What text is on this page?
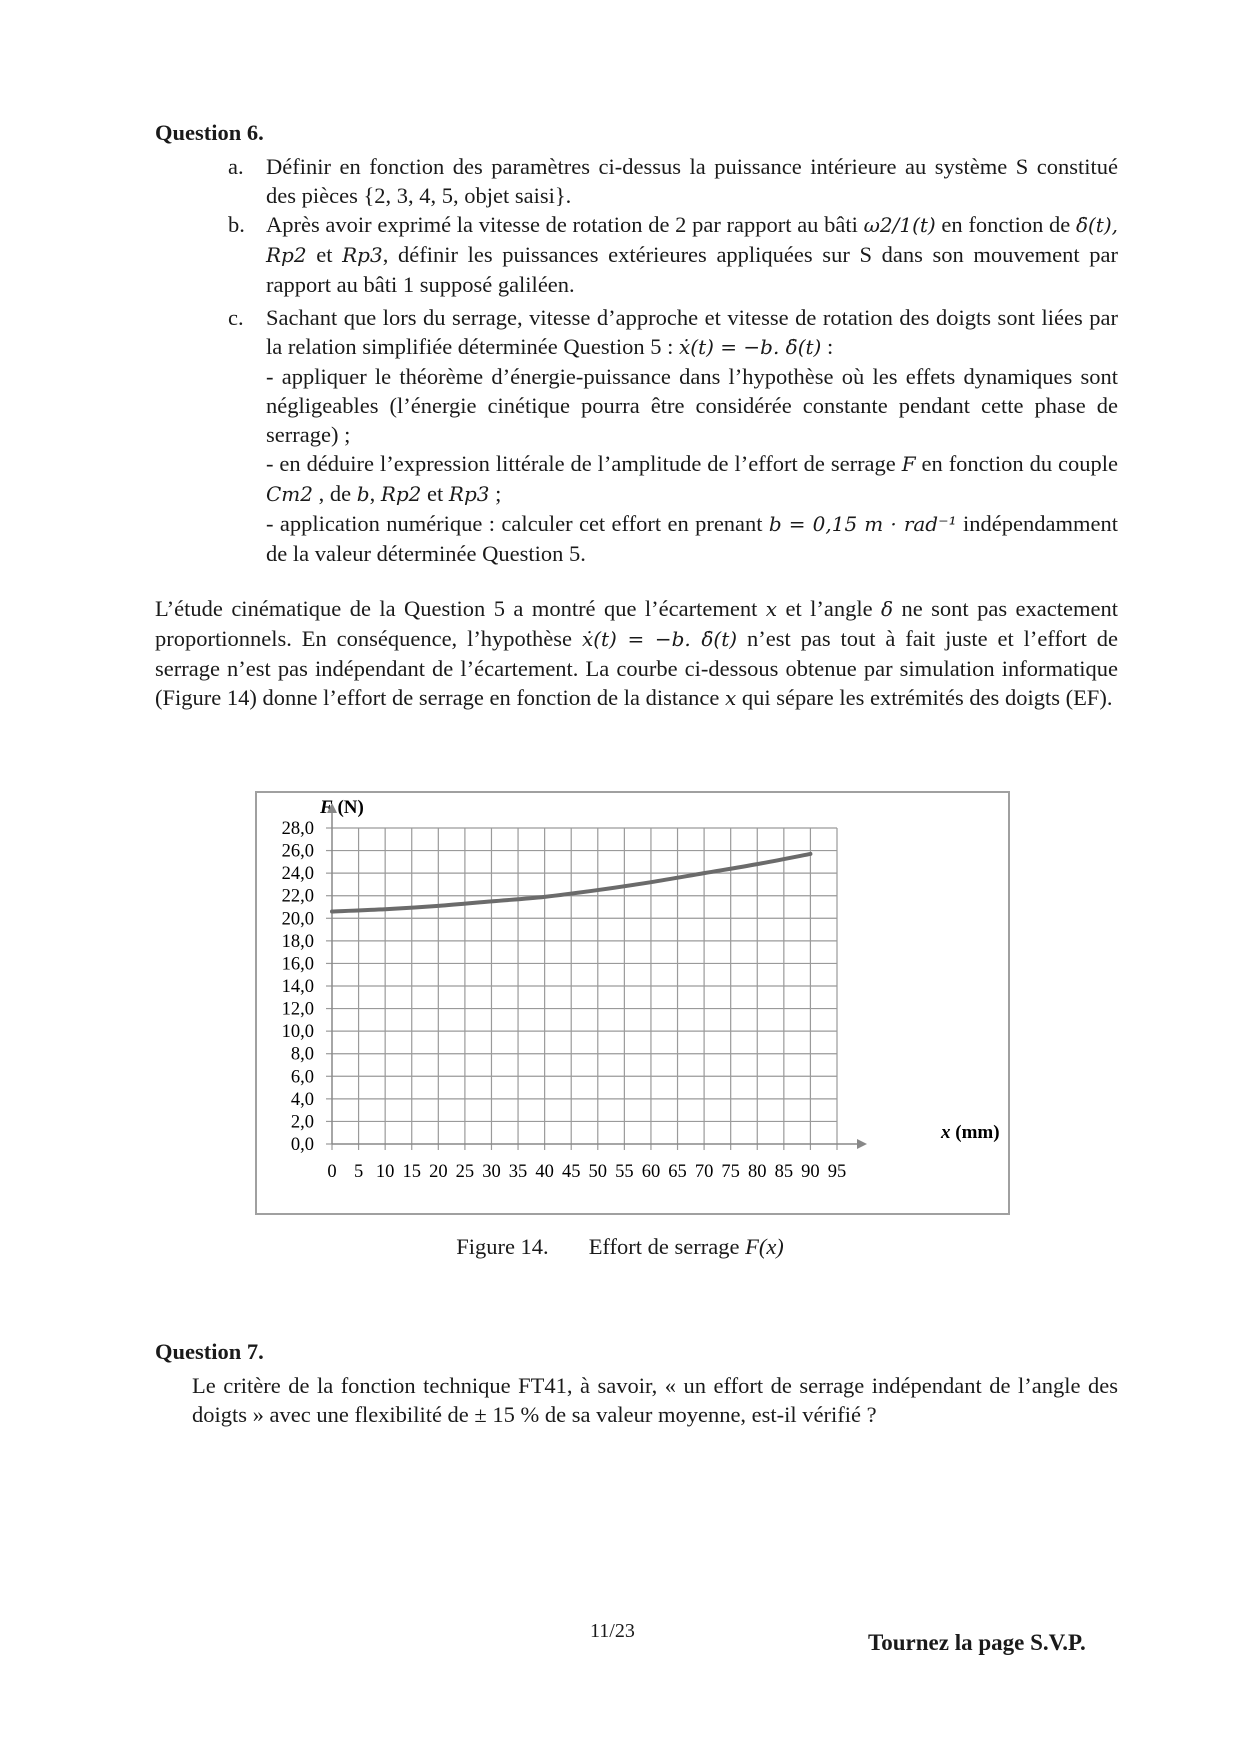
Question 6.
a. Définir en fonction des paramètres ci-dessus la puissance intérieure au système S constitué des pièces {2, 3, 4, 5, objet saisi}.
b. Après avoir exprimé la vitesse de rotation de 2 par rapport au bâti ω2/1(t) en fonction de δ̇(t), Rp2 et Rp3, définir les puissances extérieures appliquées sur S dans son mouvement par rapport au bâti 1 supposé galiléen.
c. Sachant que lors du serrage, vitesse d’approche et vitesse de rotation des doigts sont liées par la relation simplifiée déterminée Question 5 : ẋ(t) = −b. δ̇(t) :

- appliquer le théorème d’énergie-puissance dans l’hypothèse où les effets dynamiques sont négligeables (l’énergie cinétique pourra être considérée constante pendant cette phase de serrage) ;

- en déduire l’expression littérale de l’amplitude de l’effort de serrage F en fonction du couple Cm2 , de b, Rp2 et Rp3 ;

- application numérique : calculer cet effort en prenant b = 0,15 m · rad⁻¹ indépendamment de la valeur déterminée Question 5.

L’étude cinématique de la Question 5 a montré que l’écartement x et l’angle δ ne sont pas exactement proportionnels. En conséquence, l’hypothèse ẋ(t) = −b. δ̇(t) n’est pas tout à fait juste et l’effort de serrage n’est pas indépendant de l’écartement. La courbe ci-dessous obtenue par simulation informatique (Figure 14) donne l’effort de serrage en fonction de la distance x qui sépare les extrémités des doigts (EF).

0,0
2,0
4,0
6,0
8,0
10,0
12,0
14,0
16,0
18,0
20,0
22,0
24,0
26,0
28,0
0 5 10 15 20 25 30 35 40 45 50 55 60 65 70 75 80 85 90 95
F (N)
x (mm)
Figure 14. Effort de serrage F(x)
Question 7.
Le critère de la fonction technique FT41, à savoir, « un effort de serrage indépendant de l’angle des doigts » avec une flexibilité de ± 15 % de sa valeur moyenne, est-il vérifié ?
11/23	Tournez la page S.V.P.
